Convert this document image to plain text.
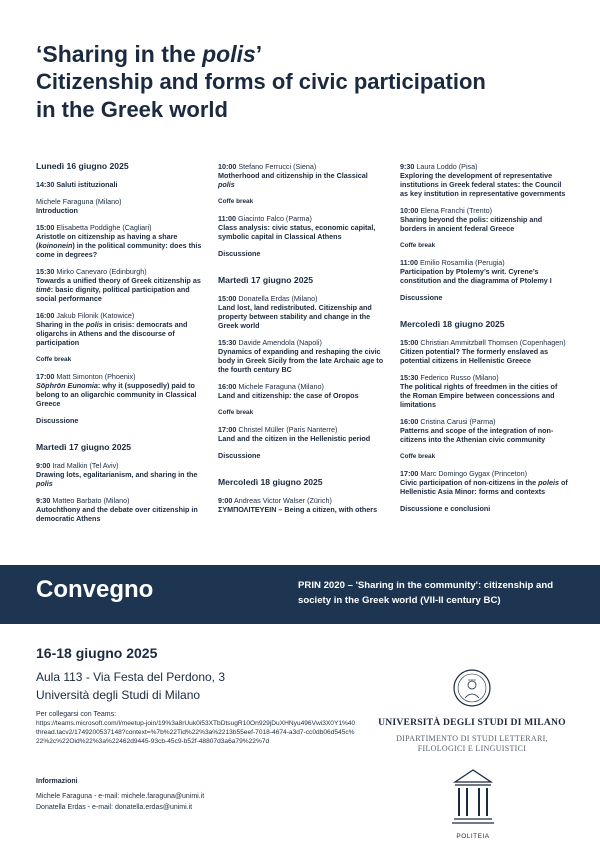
‘Sharing in the polis’
Citizenship and forms of civic participation
in the Greek world
Lunedì 16 giugno 2025
14:30 Saluti istituzionali
Michele Faraguna (Milano)
Introduction
15:00 Elisabetta Poddighe (Cagliari)
Aristotle on citizenship as having a share (koinonein) in the political community: does this come in degrees?
15:30 Mirko Canevaro (Edinburgh)
Towards a unified theory of Greek citizenship as timē: basic dignity, political participation and social performance
16:00 Jakub Filonik (Katowice)
Sharing in the polis in crisis: democrats and oligarchs in Athens and the discourse of participation
Coffe break
17:00 Matt Simonton (Phoenix)
Sōphrōn Eunomia: why it (supposedly) paid to belong to an oligarchic community in Classical Greece
Discussione
Martedì 17 giugno 2025
9:00 Irad Malkin (Tel Aviv)
Drawing lots, egalitarianism, and sharing in the polis
9:30 Matteo Barbato (Milano)
Autochthony and the debate over citizenship in democratic Athens
10:00 Stefano Ferrucci (Siena)
Motherhood and citizenship in the Classical polis
Coffe break
11:00 Giacinto Falco (Parma)
Class analysis: civic status, economic capital, symbolic capital in Classical Athens
Discussione
Martedì 17 giugno 2025
15:00 Donatella Erdas (Milano)
Land lost, land redistributed. Citizenship and property between stability and change in the Greek world
15:30 Davide Amendola (Napoli)
Dynamics of expanding and reshaping the civic body in Greek Sicily from the late Archaic age to the fourth century BC
16:00 Michele Faraguna (Milano)
Land and citizenship: the case of Oropos
Coffe break
17:00 Christel Müller (Paris Nanterre)
Land and the citizen in the Hellenistic period
Discussione
Mercoledì 18 giugno 2025
9:00 Andreas Victor Walser (Zürich)
ΣΥΜΠΟΛΙΤΕΥΕΙΝ – Being a citizen, with others
9:30 Laura Loddo (Pisa)
Exploring the development of representative institutions in Greek federal states: the Council as key institution in representative governments
10:00 Elena Franchi (Trento)
Sharing beyond the polis: citizenship and borders in ancient federal Greece
Coffe break
11:00 Emilio Rosamilia (Perugia)
Participation by Ptolemy’s writ. Cyrene’s constitution and the diagramma of Ptolemy I
Discussione
Mercoledì 18 giugno 2025
15:00 Christian Ammitzbøll Thomsen (Copenhagen)
Citizen potential? The formerly enslaved as potential citizens in Hellenistic Greece
15:30 Federico Russo (Milano)
The political rights of freedmen in the cities of the Roman Empire between concessions and limitations
16:00 Cristina Carusi (Parma)
Patterns and scope of the integration of non-citizens into the Athenian civic community
Coffe break
17:00 Marc Domingo Gygax (Princeton)
Civic participation of non-citizens in the poleis of Hellenistic Asia Minor: forms and contexts
Discussione e conclusioni
Convegno	PRIN 2020 – 'Sharing in the community': citizenship and society in the Greek world (VII-II century BC)
16-18 giugno 2025
Aula 113 - Via Festa del Perdono, 3
Università degli Studi di Milano
Per collegarsi con Teams:
https://teams.microsoft.com/l/meetup-join/19%3a8rUuk0i53XTbDtsugR10On929jDuXHNyu496Vwi3X0Y1%40thread.tacv2/1749200537148?context=%7b%22Tid%22%3a%2213b55eef-7018-4674-a3d7-cc0db06d545c%22%2c%22Oid%22%3a%22462d9445-93cb-45c9-b52f-48807d3a6a79%22%7d
Informazioni
Michele Faraguna - e-mail: michele.faraguna@unimi.it
Donatella Erdas - e-mail: donatella.erdas@unimi.it
UNIVERSITÀ DEGLI STUDI DI MILANO
DIPARTIMENTO DI STUDI LETTERARI,
FILOLOGICI E LINGUISTICI
POLITEIA
